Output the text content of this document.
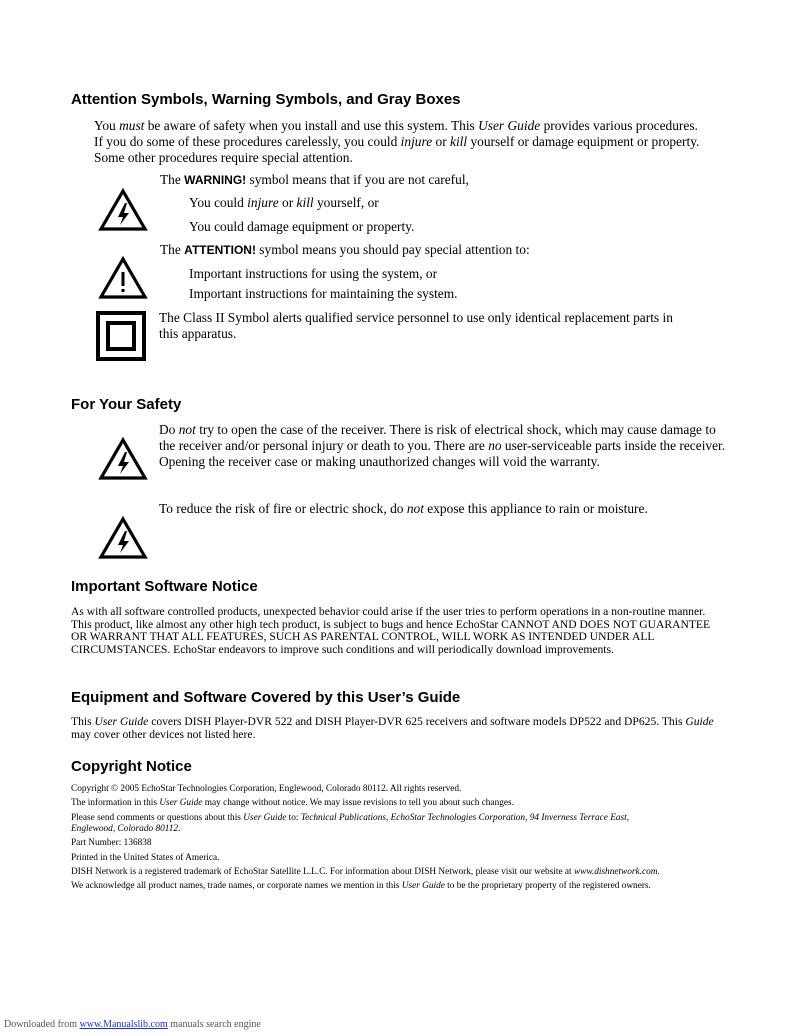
Attention Symbols, Warning Symbols, and Gray Boxes
You must be aware of safety when you install and use this system. This User Guide provides various procedures. If you do some of these procedures carelessly, you could injure or kill yourself or damage equipment or property. Some other procedures require special attention.
The WARNING! symbol means that if you are not careful,
You could injure or kill yourself, or
You could damage equipment or property.
The ATTENTION! symbol means you should pay special attention to:
Important instructions for using the system, or
Important instructions for maintaining the system.
The Class II Symbol alerts qualified service personnel to use only identical replacement parts in this apparatus.
For Your Safety
Do not try to open the case of the receiver. There is risk of electrical shock, which may cause damage to the receiver and/or personal injury or death to you. There are no user-serviceable parts inside the receiver. Opening the receiver case or making unauthorized changes will void the warranty.
To reduce the risk of fire or electric shock, do not expose this appliance to rain or moisture.
Important Software Notice
As with all software controlled products, unexpected behavior could arise if the user tries to perform operations in a non-routine manner. This product, like almost any other high tech product, is subject to bugs and hence EchoStar CANNOT AND DOES NOT GUARANTEE OR WARRANT THAT ALL FEATURES, SUCH AS PARENTAL CONTROL, WILL WORK AS INTENDED UNDER ALL CIRCUMSTANCES. EchoStar endeavors to improve such conditions and will periodically download improvements.
Equipment and Software Covered by this User’s Guide
This User Guide covers DISH Player-DVR 522 and DISH Player-DVR 625 receivers and software models DP522 and DP625. This Guide may cover other devices not listed here.
Copyright Notice
Copyright © 2005 EchoStar Technologies Corporation, Englewood, Colorado 80112. All rights reserved.
The information in this User Guide may change without notice. We may issue revisions to tell you about such changes.
Please send comments or questions about this User Guide to: Technical Publications, EchoStar Technologies Corporation, 94 Inverness Terrace East,
Englewood, Colorado 80112.
Part Number: 136838
Printed in the United States of America.
DISH Network is a registered trademark of EchoStar Satellite L.L.C. For information about DISH Network, please visit our website at www.dishnetwork.com.
We acknowledge all product names, trade names, or corporate names we mention in this User Guide to be the proprietary property of the registered owners.
Downloaded from www.Manualslib.com manuals search engine
